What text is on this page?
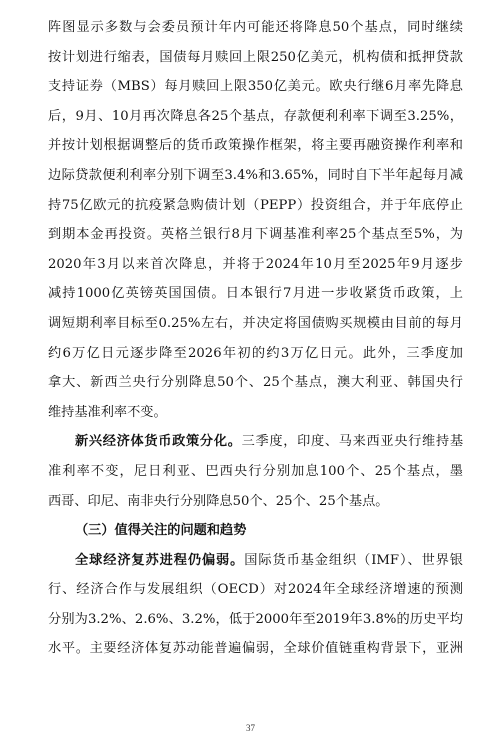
阵图显示多数与会委员预计年内可能还将降息50个基点，同时继续
按计划进行缩表，国债每月赎回上限250亿美元，机构债和抵押贷款
支持证券（MBS）每月赎回上限350亿美元。欧央行继6月率先降息
后，9月、10月再次降息各25个基点，存款便利利率下调至3.25%，
并按计划根据调整后的货币政策操作框架，将主要再融资操作利率和
边际贷款便利利率分别下调至3.4%和3.65%，同时自下半年起每月减
持75亿欧元的抗疫紧急购债计划（PEPP）投资组合，并于年底停止
到期本金再投资。英格兰银行8月下调基准利率25个基点至5%，为
2020年3月以来首次降息，并将于2024年10月至2025年9月逐步
减持1000亿英镑英国国债。日本银行7月进一步收紧货币政策，上
调短期利率目标至0.25%左右，并决定将国债购买规模由目前的每月
约6万亿日元逐步降至2026年初的约3万亿日元。此外，三季度加
拿大、新西兰央行分别降息50个、25个基点，澳大利亚、韩国央行
维持基准利率不变。
新兴经济体货币政策分化。三季度，印度、马来西亚央行维持基
准利率不变，尼日利亚、巴西央行分别加息100个、25个基点，墨
西哥、印尼、南非央行分别降息50个、25个、25个基点。
（三）值得关注的问题和趋势
全球经济复苏进程仍偏弱。国际货币基金组织（IMF）、世界银
行、经济合作与发展组织（OECD）对2024年全球经济增速的预测
分别为3.2%、2.6%、3.2%，低于2000年至2019年3.8%的历史平均
水平。主要经济体复苏动能普遍偏弱，全球价值链重构背景下，亚洲
37
